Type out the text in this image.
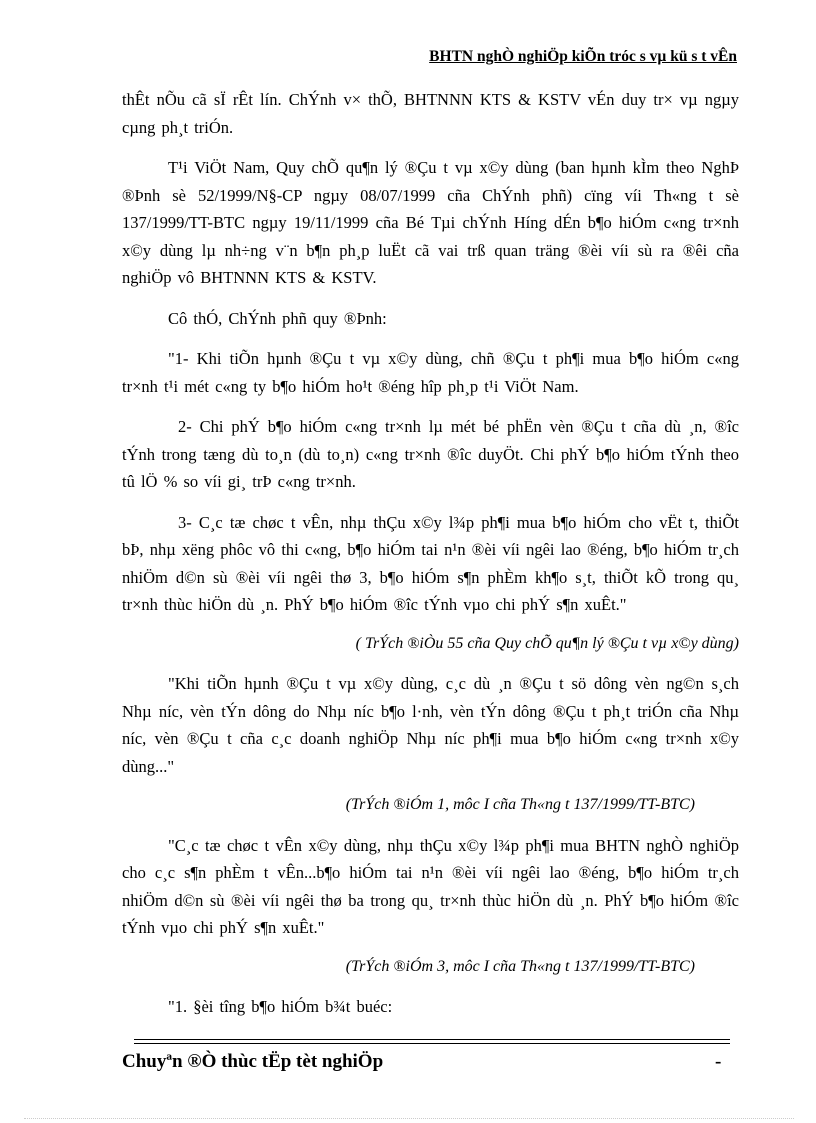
BHTN nghÒ nghiÖp kiÕn tróc s vµ kü s t vÊn

thÊt nÕu cã sÏ rÊt lín. ChÝnh v× thÕ, BHTNNN KTS & KSTV vÉn duy tr× vµ ngµy cµng ph¸t triÓn.

T¹i ViÖt Nam, Quy chÕ qu¶n lý ®Çu t vµ x©y dùng (ban hµnh kÌm theo NghÞ ®Þnh sè 52/1999/N§-CP ngµy 08/07/1999 cña ChÝnh phñ) cïng víi Th«ng t sè 137/1999/TT-BTC ngµy 19/11/1999 cña Bé Tµi chÝnh Híng dÉn b¶o hiÓm c«ng tr×nh x©y dùng lµ nh÷ng v¨n b¶n ph¸p luËt cã vai trß quan träng ®èi víi sù ra ®êi cña nghiÖp vô BHTNNN KTS & KSTV.

Cô thÓ, ChÝnh phñ quy ®Þnh:

"1- Khi tiÕn hµnh ®Çu t vµ x©y dùng, chñ ®Çu t ph¶i mua b¶o hiÓm c«ng tr×nh t¹i mét c«ng ty b¶o hiÓm ho¹t ®éng hîp ph¸p t¹i ViÖt Nam.

2- Chi phÝ b¶o hiÓm c«ng tr×nh lµ mét bé phËn vèn ®Çu t cña dù ¸n, ®îc tÝnh trong tæng dù to¸n (dù to¸n) c«ng tr×nh ®îc duyÖt. Chi phÝ b¶o hiÓm tÝnh theo tû lÖ % so víi gi¸ trÞ c«ng tr×nh.

3- C¸c tæ chøc t vÊn, nhµ thÇu x©y l¾p ph¶i mua b¶o hiÓm cho vËt t, thiÕt bÞ, nhµ xëng phôc vô thi c«ng, b¶o hiÓm tai n¹n ®èi víi ngêi lao ®éng, b¶o hiÓm tr¸ch nhiÖm d©n sù ®èi víi ngêi thø 3, b¶o hiÓm s¶n phÈm kh¶o s¸t, thiÕt kÕ trong qu¸ tr×nh thùc hiÖn dù ¸n. PhÝ b¶o hiÓm ®îc tÝnh vµo chi phÝ s¶n xuÊt."

( TrÝch ®iÒu 55 cña Quy chÕ qu¶n lý ®Çu t vµ x©y dùng)

"Khi tiÕn hµnh ®Çu t vµ x©y dùng, c¸c dù ¸n ®Çu t sö dông vèn ng©n s¸ch Nhµ níc, vèn tÝn dông do Nhµ níc b¶o l·nh, vèn tÝn dông ®Çu t ph¸t triÓn cña Nhµ níc, vèn ®Çu t cña c¸c doanh nghiÖp Nhµ níc ph¶i mua b¶o hiÓm c«ng tr×nh x©y dùng..."

(TrÝch ®iÓm 1, môc I cña Th«ng t 137/1999/TT-BTC)

"C¸c tæ chøc t vÊn x©y dùng, nhµ thÇu x©y l¾p ph¶i mua BHTN nghÒ nghiÖp cho c¸c s¶n phÈm t vÊn...b¶o hiÓm tai n¹n ®èi víi ngêi lao ®éng, b¶o hiÓm tr¸ch nhiÖm d©n sù ®èi víi ngêi thø ba trong qu¸ tr×nh thùc hiÖn dù ¸n. PhÝ b¶o hiÓm ®îc tÝnh vµo chi phÝ s¶n xuÊt."

(TrÝch ®iÓm 3, môc I cña Th«ng t 137/1999/TT-BTC)

"1. §èi tîng b¶o hiÓm b¾t buéc:

Chuyªn ®Ò thùc tËp tèt nghiÖp	-
